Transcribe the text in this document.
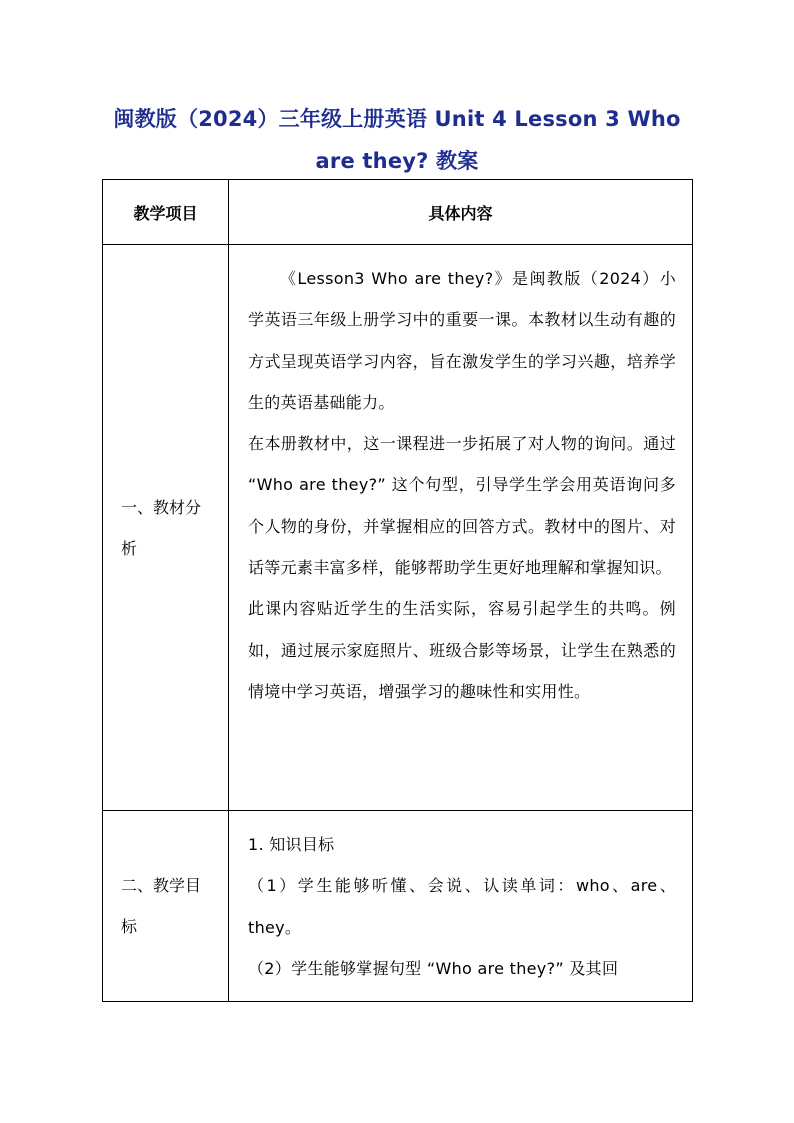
闽教版（2024）三年级上册英语 Unit 4 Lesson 3 Who
are they? 教案
教学项目	具体内容
一、教材分析	《Lesson3 Who are they?》是闽教版（2024）小学英语三年级上册学习中的重要一课。本教材以生动有趣的方式呈现英语学习内容，旨在激发学生的学习兴趣，培养学生的英语基础能力。

在本册教材中，这一课程进一步拓展了对人物的询问。通过 “Who are they?” 这个句型，引导学生学会用英语询问多个人物的身份，并掌握相应的回答方式。教材中的图片、对话等元素丰富多样，能够帮助学生更好地理解和掌握知识。

此课内容贴近学生的生活实际，容易引起学生的共鸣。例如，通过展示家庭照片、班级合影等场景，让学生在熟悉的情境中学习英语，增强学习的趣味性和实用性。

二、教学目标	1. 知识目标

（1）学生能够听懂、会说、认读单词：who、are、they。

（2）学生能够掌握句型 “Who are they?” 及其回
